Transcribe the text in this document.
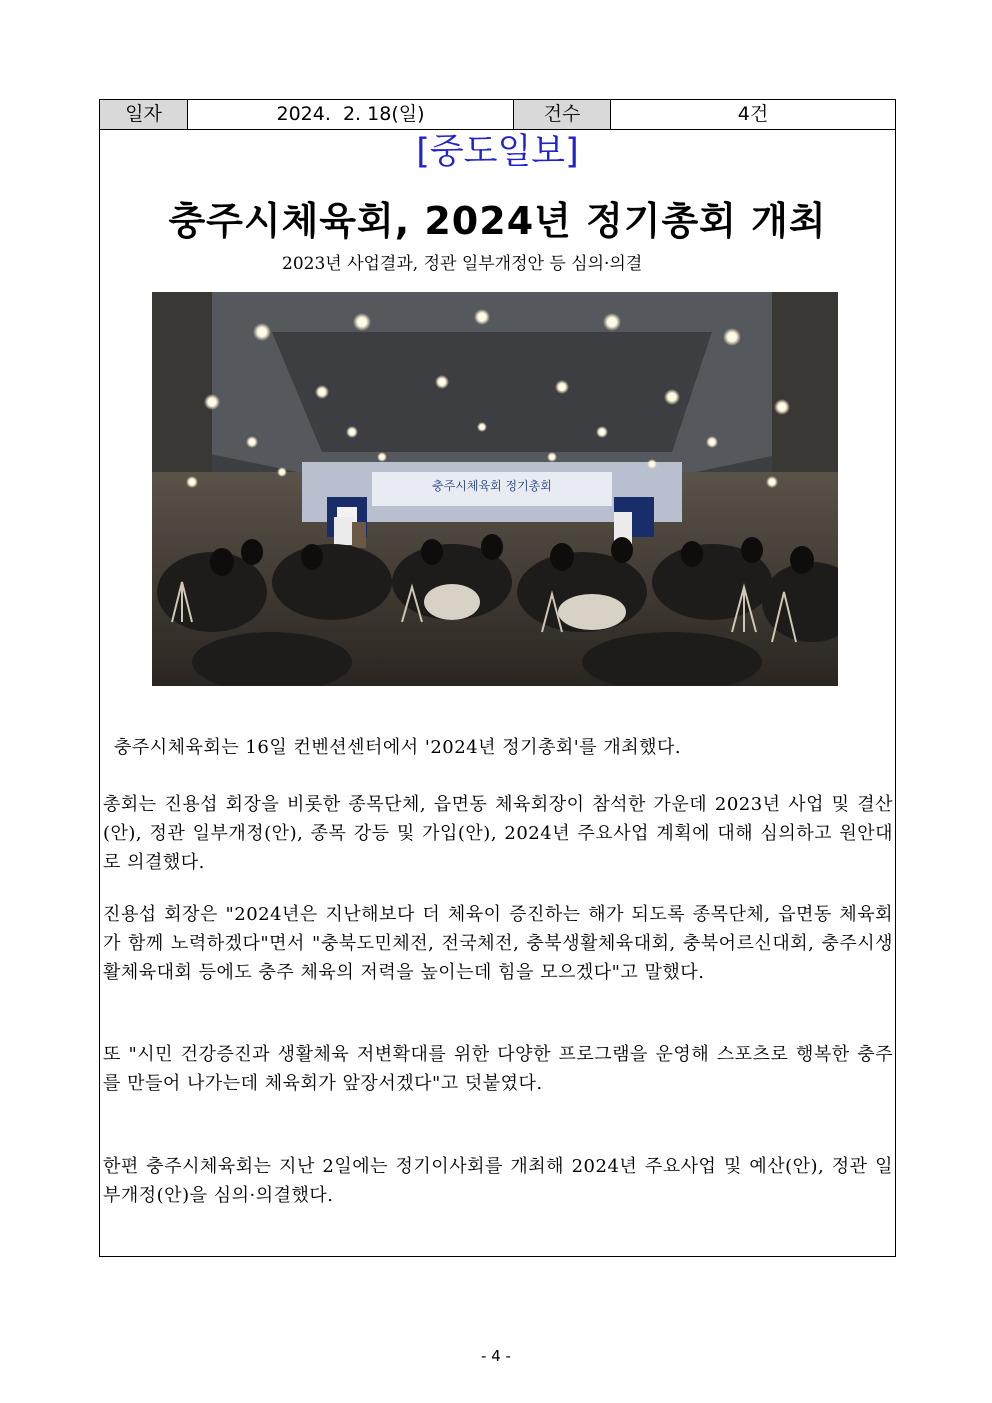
일자	2024.  2. 18(일)	건수	4건
[중도일보]
충주시체육회, 2024년 정기총회 개최
2023년 사업결과, 정관 일부개정안 등 심의·의결
충주시체육회 정기총회
충주시체육회는 16일 컨벤션센터에서 '2024년 정기총회'를 개최했다.
총회는 진용섭 회장을 비롯한 종목단체, 읍면동 체육회장이 참석한 가운데 2023년 사업 및 결산(안), 정관 일부개정(안), 종목 강등 및 가입(안), 2024년 주요사업 계획에 대해 심의하고 원안대로 의결했다.
진용섭 회장은 "2024년은 지난해보다 더 체육이 증진하는 해가 되도록 종목단체, 읍면동 체육회가 함께 노력하겠다"면서 "충북도민체전, 전국체전, 충북생활체육대회, 충북어르신대회, 충주시생활체육대회 등에도 충주 체육의 저력을 높이는데 힘을 모으겠다"고 말했다.
또 "시민 건강증진과 생활체육 저변확대를 위한 다양한 프로그램을 운영해 스포츠로 행복한 충주를 만들어 나가는데 체육회가 앞장서겠다"고 덧붙였다.
한편 충주시체육회는 지난 2일에는 정기이사회를 개최해 2024년 주요사업 및 예산(안), 정관 일부개정(안)을 심의·의결했다.
- 4 -
